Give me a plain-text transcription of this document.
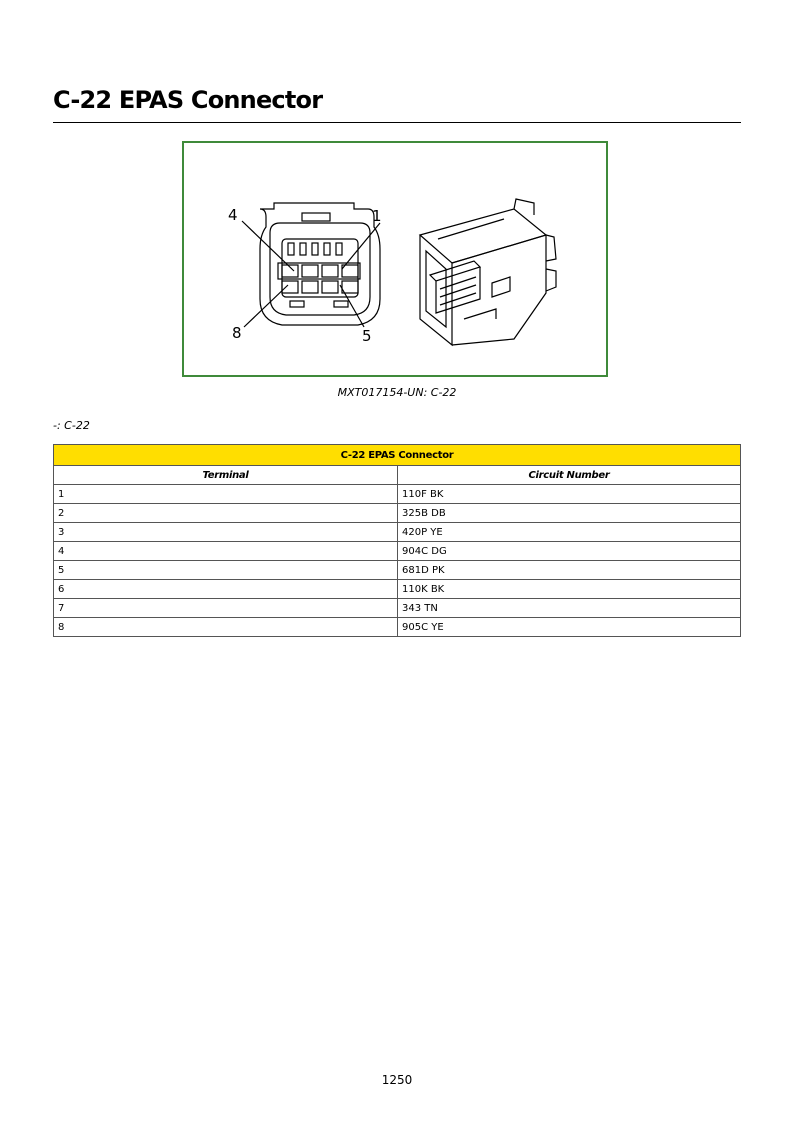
C-22 EPAS Connector
4	1
8	5
MXT017154-UN: C-22
-: C-22
C-22 EPAS Connector	
Terminal	Circuit Number
1	110F BK
2	325B DB
3	420P YE
4	904C DG
5	681D PK
6	110K BK
7	343 TN
8	905C YE
1250
